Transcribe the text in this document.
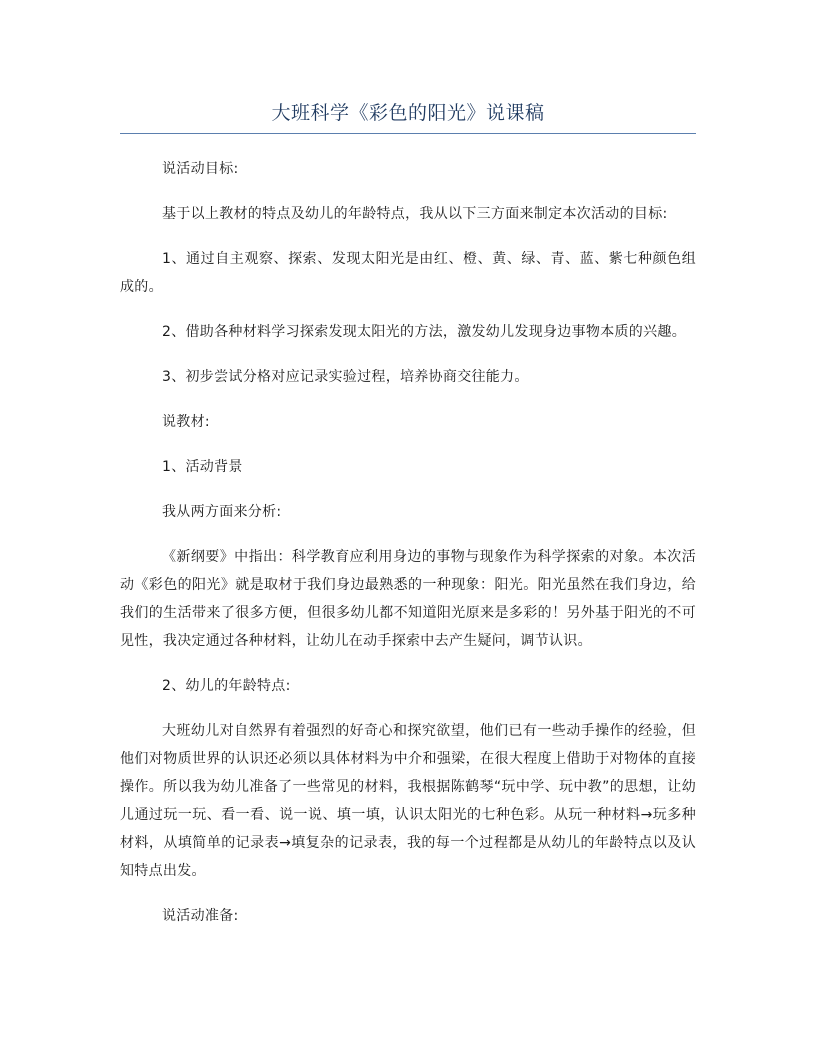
大班科学《彩色的阳光》说课稿

说活动目标:

基于以上教材的特点及幼儿的年龄特点，我从以下三方面来制定本次活动的目标:

1、通过自主观察、探索、发现太阳光是由红、橙、黄、绿、青、蓝、紫七种颜色组成的。

2、借助各种材料学习探索发现太阳光的方法，激发幼儿发现身边事物本质的兴趣。

3、初步尝试分格对应记录实验过程，培养协商交往能力。

说教材:

1、活动背景

我从两方面来分析:

《新纲要》中指出：科学教育应利用身边的事物与现象作为科学探索的对象。本次活动《彩色的阳光》就是取材于我们身边最熟悉的一种现象：阳光。阳光虽然在我们身边，给我们的生活带来了很多方便，但很多幼儿都不知道阳光原来是多彩的！另外基于阳光的不可见性，我决定通过各种材料，让幼儿在动手探索中去产生疑问，调节认识。

2、幼儿的年龄特点:

大班幼儿对自然界有着强烈的好奇心和探究欲望，他们已有一些动手操作的经验，但他们对物质世界的认识还必须以具体材料为中介和强梁，在很大程度上借助于对物体的直接操作。所以我为幼儿准备了一些常见的材料，我根据陈鹤琴“玩中学、玩中教”的思想，让幼儿通过玩一玩、看一看、说一说、填一填，认识太阳光的七种色彩。从玩一种材料→玩多种材料，从填简单的记录表→填复杂的记录表，我的每一个过程都是从幼儿的年龄特点以及认知特点出发。

说活动准备:
